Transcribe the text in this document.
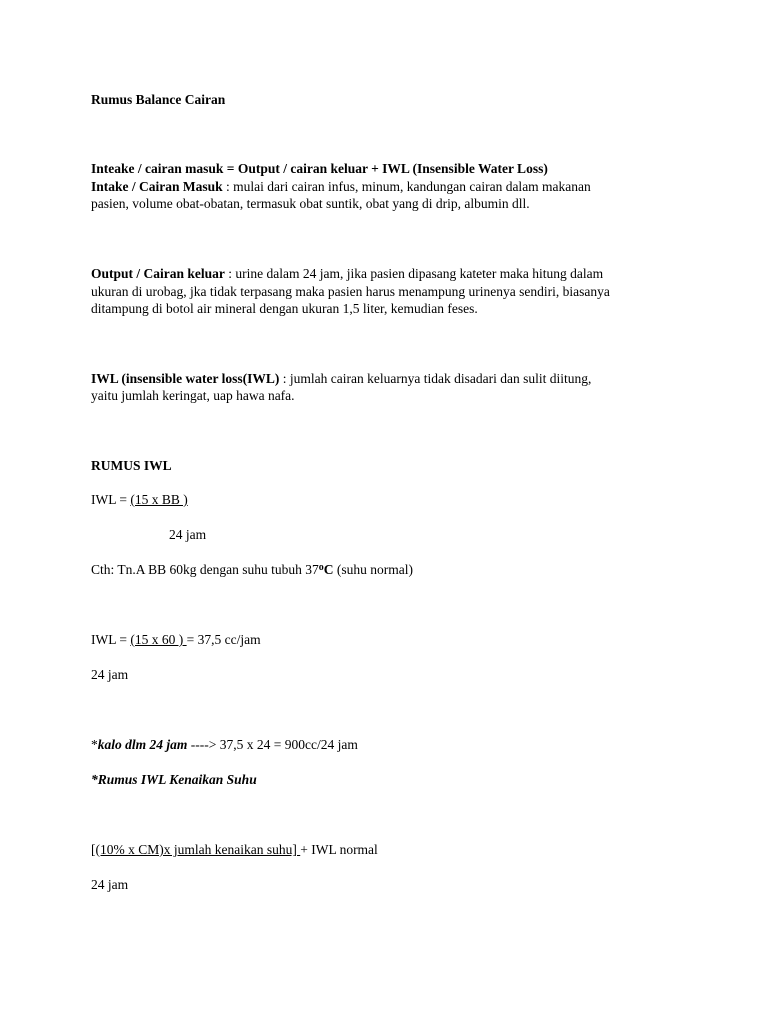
Rumus Balance Cairan
Inteake / cairan masuk = Output / cairan keluar + IWL (Insensible Water Loss)
Intake / Cairan Masuk : mulai dari cairan infus, minum, kandungan cairan dalam makanan
pasien, volume obat-obatan, termasuk obat suntik, obat yang di drip, albumin dll.
Output / Cairan keluar : urine dalam 24 jam, jika pasien dipasang kateter maka hitung dalam
ukuran di urobag, jka tidak terpasang maka pasien harus menampung urinenya sendiri, biasanya
ditampung di botol air mineral dengan ukuran 1,5 liter, kemudian feses.
IWL (insensible water loss(IWL) : jumlah cairan keluarnya tidak disadari dan sulit diitung,
yaitu jumlah keringat, uap hawa nafa.
RUMUS IWL
IWL = (15 x BB )
24 jam
Cth: Tn.A BB 60kg dengan suhu tubuh 37$^o$C (suhu normal)
IWL = (15 x 60 ) = 37,5 cc/jam
24 jam
*kalo dlm 24 jam ----> 37,5 x 24 = 900cc/24 jam
*Rumus IWL Kenaikan Suhu
[(10% x CM)x jumlah kenaikan suhu] + IWL normal
24 jam
